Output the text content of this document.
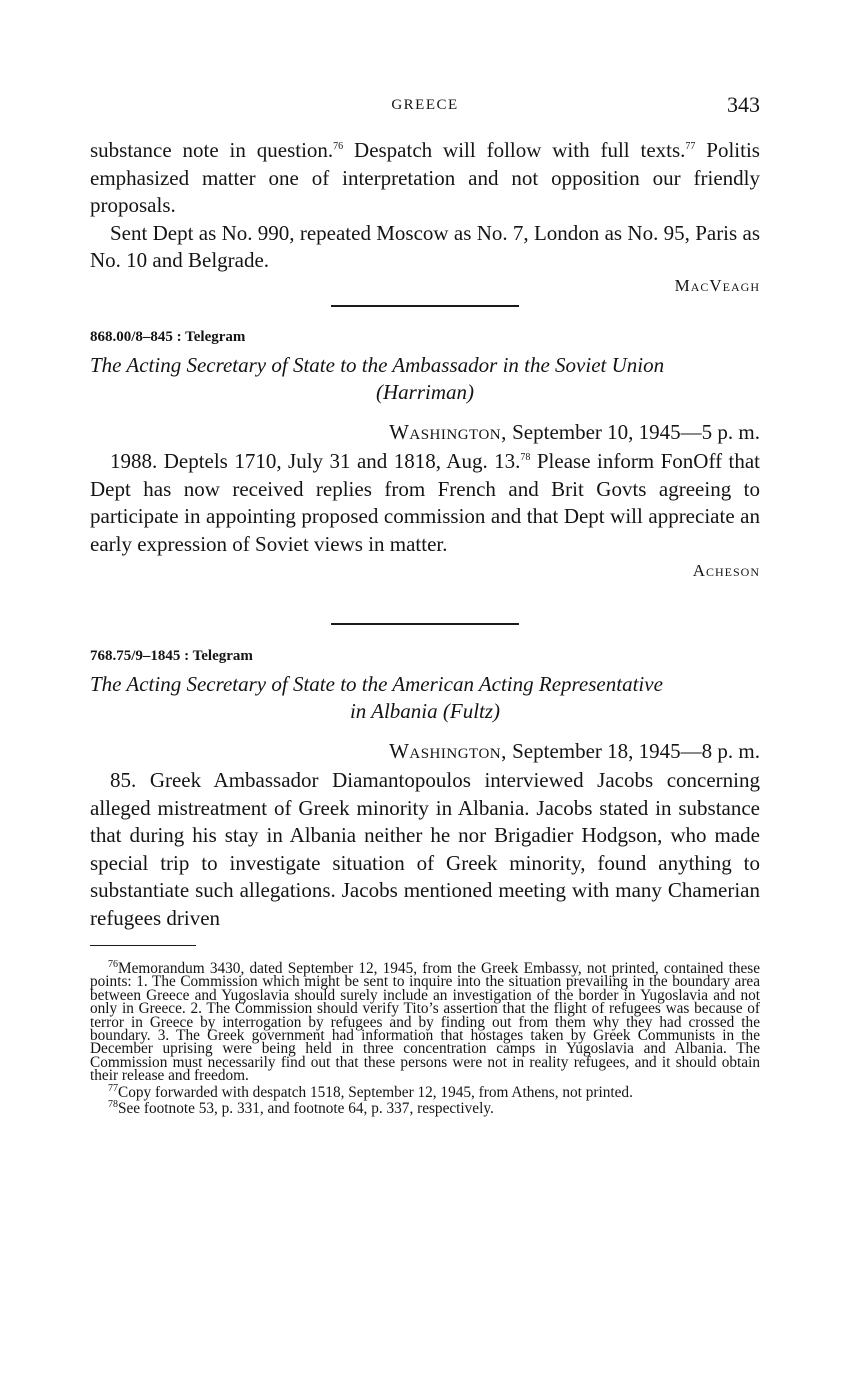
GREECE	343

substance note in question.$^{76}$ Despatch will follow with full texts.$^{77}$ Politis emphasized matter one of interpretation and not opposition our friendly proposals.

Sent Dept as No. 990, repeated Moscow as No. 7, London as No. 95, Paris as No. 10 and Belgrade.

MacVeagh
868.00/8–845 : Telegram
The Acting Secretary of State to the Ambassador in the Soviet Union
(Harriman)
Washington, September 10, 1945—5 p. m.

1988. Deptels 1710, July 31 and 1818, Aug. 13.78 Please inform FonOff that Dept has now received replies from French and Brit Govts agreeing to participate in appointing proposed commission and that Dept will appreciate an early expression of Soviet views in matter.

Acheson
768.75/9–1845 : Telegram
The Acting Secretary of State to the American Acting Representative
in Albania (Fultz)
Washington, September 18, 1945—8 p. m.

85. Greek Ambassador Diamantopoulos interviewed Jacobs concerning alleged mistreatment of Greek minority in Albania. Jacobs stated in substance that during his stay in Albania neither he nor Brigadier Hodgson, who made special trip to investigate situation of Greek minority, found anything to substantiate such allegations. Jacobs mentioned meeting with many Chamerian refugees driven

$^{76}$Memorandum 3430, dated September 12, 1945, from the Greek Embassy, not printed, contained these points: 1. The Commission which might be sent to inquire into the situation prevailing in the boundary area between Greece and Yugoslavia should surely include an investigation of the border in Yugoslavia and not only in Greece. 2. The Commission should verify Tito’s assertion that the flight of refugees was because of terror in Greece by interrogation by refugees and by finding out from them why they had crossed the boundary. 3. The Greek government had information that hostages taken by Greek Communists in the December uprising were being held in three concentration camps in Yugoslavia and Albania. The Commission must necessarily find out that these persons were not in reality refugees, and it should obtain their release and freedom.

$^{77}$Copy forwarded with despatch 1518, September 12, 1945, from Athens, not printed.

$^{78}$See footnote 53, p. 331, and footnote 64, p. 337, respectively.
